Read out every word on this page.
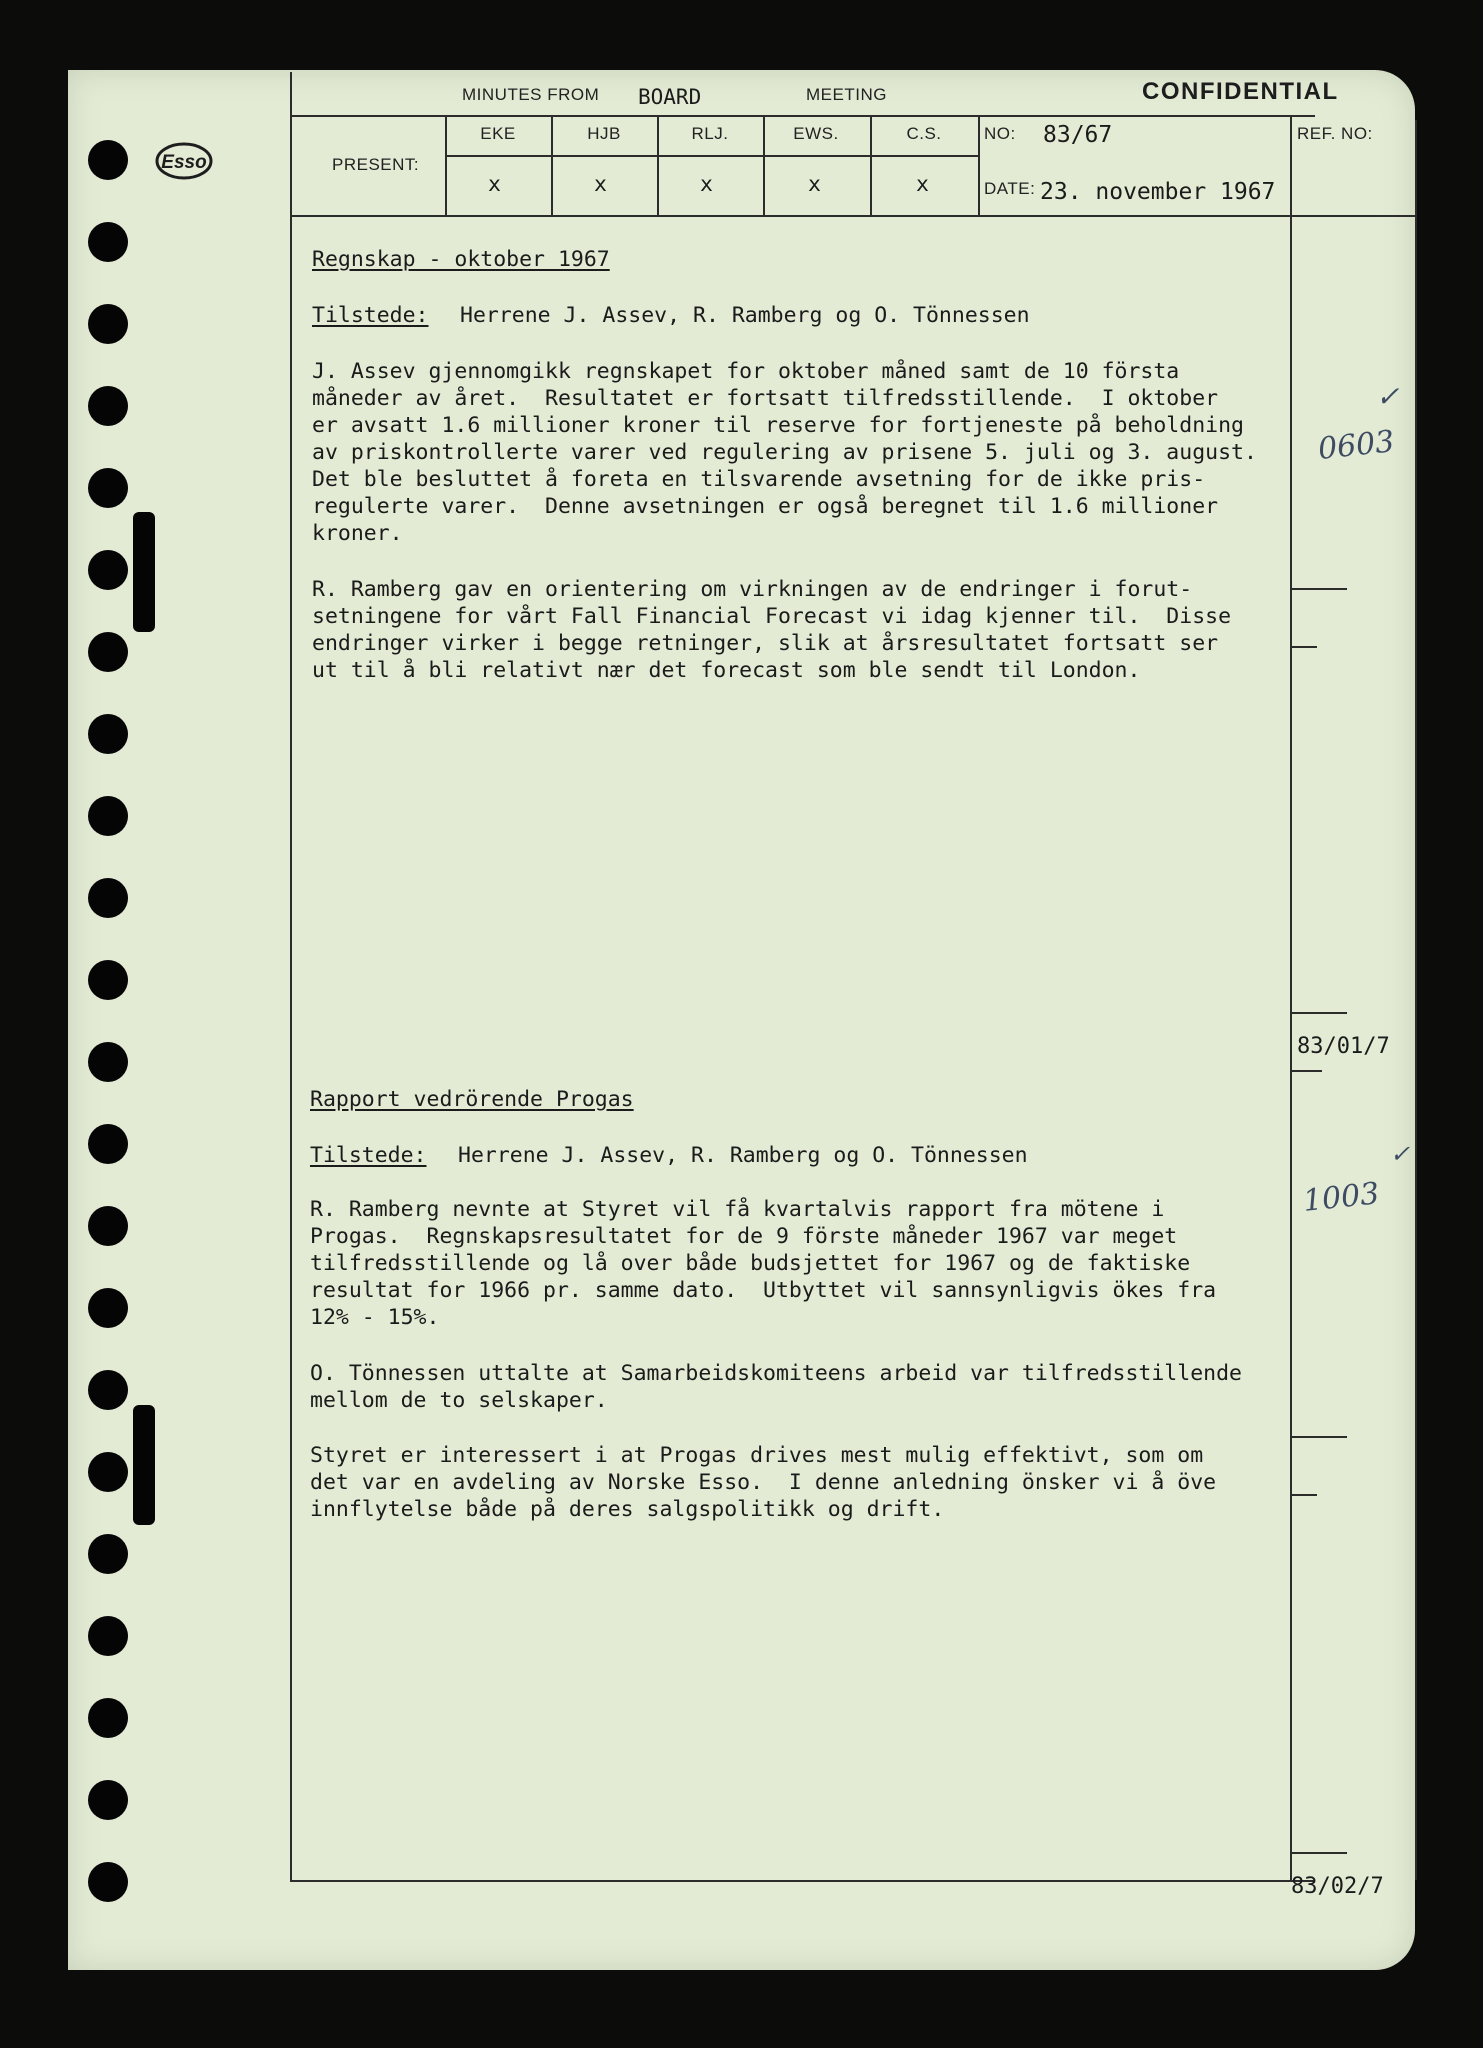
Esso
MINUTES FROM BOARD	MEETING	CONFIDENTIAL
PRESENT:
EKE	HJB	RLJ.	EWS.	C.S.
x	x	x	x	x
NO: 83/67
DATE: 23. november 1967
REF. NO:
Regnskap - oktober 1967
Tilstede: Herrene J. Assev, R. Ramberg og O. Tönnessen
J. Assev gjennomgikk regnskapet for oktober måned samt de 10 första
måneder av året.  Resultatet er fortsatt tilfredsstillende.  I oktober
er avsatt 1.6 millioner kroner til reserve for fortjeneste på beholdning
av priskontrollerte varer ved regulering av prisene 5. juli og 3. august.
Det ble besluttet å foreta en tilsvarende avsetning for de ikke pris-
regulerte varer.  Denne avsetningen er også beregnet til 1.6 millioner
kroner.
R. Ramberg gav en orientering om virkningen av de endringer i forut-
setningene for vårt Fall Financial Forecast vi idag kjenner til.  Disse
endringer virker i begge retninger, slik at årsresultatet fortsatt ser
ut til å bli relativt nær det forecast som ble sendt til London.
0603
✓
83/01/7
Rapport vedrörende Progas
Tilstede: Herrene J. Assev, R. Ramberg og O. Tönnessen
R. Ramberg nevnte at Styret vil få kvartalvis rapport fra mötene i
Progas.  Regnskapsresultatet for de 9 förste måneder 1967 var meget
tilfredsstillende og lå over både budsjettet for 1967 og de faktiske
resultat for 1966 pr. samme dato.  Utbyttet vil sannsynligvis ökes fra
12% - 15%.
O. Tönnessen uttalte at Samarbeidskomiteens arbeid var tilfredsstillende
mellom de to selskaper.
Styret er interessert i at Progas drives mest mulig effektivt, som om
det var en avdeling av Norske Esso.  I denne anledning önsker vi å öve
innflytelse både på deres salgspolitikk og drift.
1003
✓
83/02/7
